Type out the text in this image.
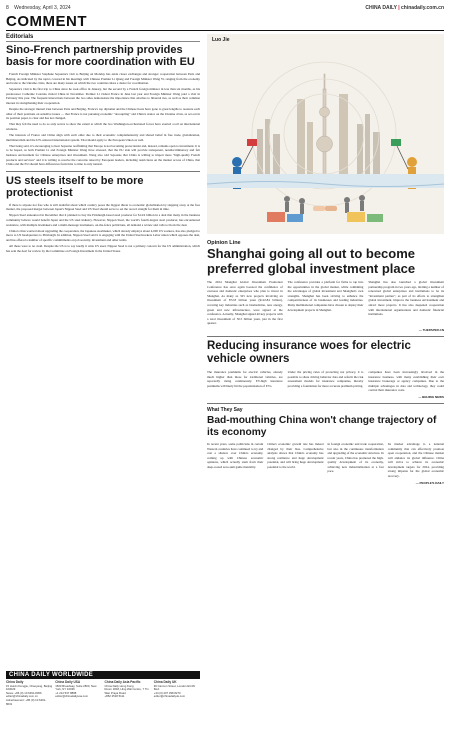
8 Wednesday, April 3, 2024	CHINA DAILY | chinadaily.com.cn
COMMENT
Editorials
Sino-French partnership provides basis for more coordination with EU

French Foreign Minister Stephane Sejourne's visit to Beijing on Monday has aside closer exchanges and stronger cooperation between Paris and Beijing. As indicated by the topics covered in his meetings with Chinese Premier Li Qiang and Foreign Minister Wang Yi, ranging from the economy and trade to the Ukraine crisis, there are many issues on which the two countries share a desire for coordination.

Sejourne's visit is his first trip to China since he took office in January, but the second by a French foreign minister in less than six months, as his predecessor Catherine Colonna visited China in November. Premier Li visited France in June last year and Foreign Minister Wang paid a visit in February this year. The frequent interactions between the two sides demonstrate the importance that attaches to bilateral ties, as well as their common interest in strengthening their cooperation.

Despite the strategic mutual trust between Paris and Beijing, France's top diplomat and the Chinese hosts have gone to great lengths to reassure each other of their positions on sensitive issues — that France is not pursuing economic "decoupling" and China's stance on the Ukraine crisis, as set out in its position paper, is clear and has not changed.

That they felt the need to do so only serves to show the extent to which the two Washington-orchestrated forces have exerted a toll on international relations.

The interests of France and China align with each other due to their economic complementarity and shared belief in free trade, globalization, multilateralism and the UN-centered international system. That should apply to the European Union as well.

That being said, it's encouraging to hear Sejourne reaffirming that Europe is not becoming protectionist and, instead, remains open to investment. It is to be hoped, as both Premier Li and Foreign Minister Wang have stressed, that the EU side will provide transparent, nondiscriminatory and fair business environment for Chinese enterprises and investment. Wang also told Sejourne that China is willing to import more "high-quality French products and services" and it is willing to resolve the concerns raised by European leaders, including restrictions on the market access of China, that China and the EU should have differences from time to time is only natural.

US steels itself to be more protectionist

If there is anyone not free who is still doubtful about which country poses the biggest threat to economic globalization by slapping away at the free market, the proposed merger between Japan's Nippon Steel and US Steel should serve to set the record straight for them in time.

Nippon Steel announced in December that it planned to buy the Pittsburgh-based steel producer for $14.9 billion in a deal that many in the business community believe would benefit Japan and the US steel industry. However, Nippon Steel, the world's fourth-largest steel producer, has encountered resistance, with multiple lawmakers and a multi-message lawmakers, on-the-fence politicians, all demand a review and calls to block the deal.

China is thus worried about upgrading the cooperation, the Japanese steelmaker, which already employs about 4,000 US workers, has also pledged to move to US headquarters to Pittsburgh. In addition, Nippon Steel said it is engaging with the United Steelworkers Labor union which opposes the deal, and has offered a number of specific commitments on job security, investment and other terms.

All these were to no avail. Despite the US is to say loudly it wins US steel, Nippon Steel is not a primary concern for the US administration, which has sent the deal for review by the Committee on Foreign Investment in the United States.

CHINA DAILY WORLDWIDE
China Daily
15 Huixin Dongjie, Chaoyang, Beijing 100029
News: +86 (0) 10 6491-8366
editor@chinadaily.com.cn
Advertisement: +86 (0) 10 6491-8631
China Daily USA
1500 Broadway, Suite 2800, New York, NY 10036
+1 212 537 8888
editor@chinadailyusa.com
China Daily Asia Pacific
China Daily Hong Kong
Room 1818, Hing Wai Centre, 7 Tin Wan Praya Road
+852 2518 5111
China Daily UK
90 Cannon Street, London EC4N 6HA
+44 (0) 207 398 8270
editor@chinadailyuk.com
Luo Jie
Opinion Line
Shanghai going all out to become preferred global investment place
The 2024 Shanghai Global Investment Promotion Conference has once again boosted the confidence of overseas and domestic enterprises who plan to invest in Shanghai. As many as 325 new projects involving an investment of 872.8 billion yuan ($122.84 billion), covering key industries such as biomedicine, new energy, green and new infrastructure, were signed at the conference. Actually, Shanghai signed 40 key projects with a total investment of 50.5 billion yuan, just in the first quarter.
The conference provides a platform for firms to tap into the opportunities in the global market, while combining the advantages of global investment and Shanghai's own strengths. Shanghai has been striving to enhance the competitiveness of its businesses and leading industries. Many multinational companies have chosen to deploy their development projects in Shanghai.
Shanghai has also launched a global investment partnership program in two years ago, inviting a number of renowned global enterprises and institutions to be its "investment partner", as part of its efforts to strengthen global investment, improve the business environment and attract more projects. It has also deepened cooperation with international organizations and domestic financial institutions.
— THEPAPER.CN
Reducing insurance woes for electric vehicle owners
The insurance premiums for electric vehicles, already much higher than those for traditional vehicles, are reportedly rising continuously. EV-high insurance premiums will likely hit the popularization of EVs.
Under the pricing rules of protecting not privacy, it is possible to share driving behavior data and reform the risk assessment models for insurance companies, thereby providing a foundation for more accurate premium pricing.
companies have been increasingly involved in the insurance business, with many establishing their own insurance brokerage or agency companies. Due to the multiple advantages in data and technology, they could control their insurance costs.
— BEIJING NEWS
What They Say
Bad-mouthing China won't change trajectory of its economy
In recent years, some politicians in certain Western countries have continued to try and cast a shadow over China's economy, coming up with Chinese economic opinions, which actually stem from their deep-rooted zero-sum game mentality.
China's economic growth rate has indeed changed by their bias. Comprehensive analysis shows that China's economy has strong resilience and huge development potential, and will bring huge development potential to the world.
in foreign economic and trade cooperation, but also in the continuous transformation and upgrading of the economic structure. In recent years, China has promoted the high-quality development of its economy, achieving new industrialization at a fast pace.
Its market advantage is a national community that can effectively promote open cooperation, and the Chinese market will enhance its global influence. China will strive to achieve its economic development targets for 2024, providing strong impetus for the global economic recovery.
— PEOPLE'S DAILY
